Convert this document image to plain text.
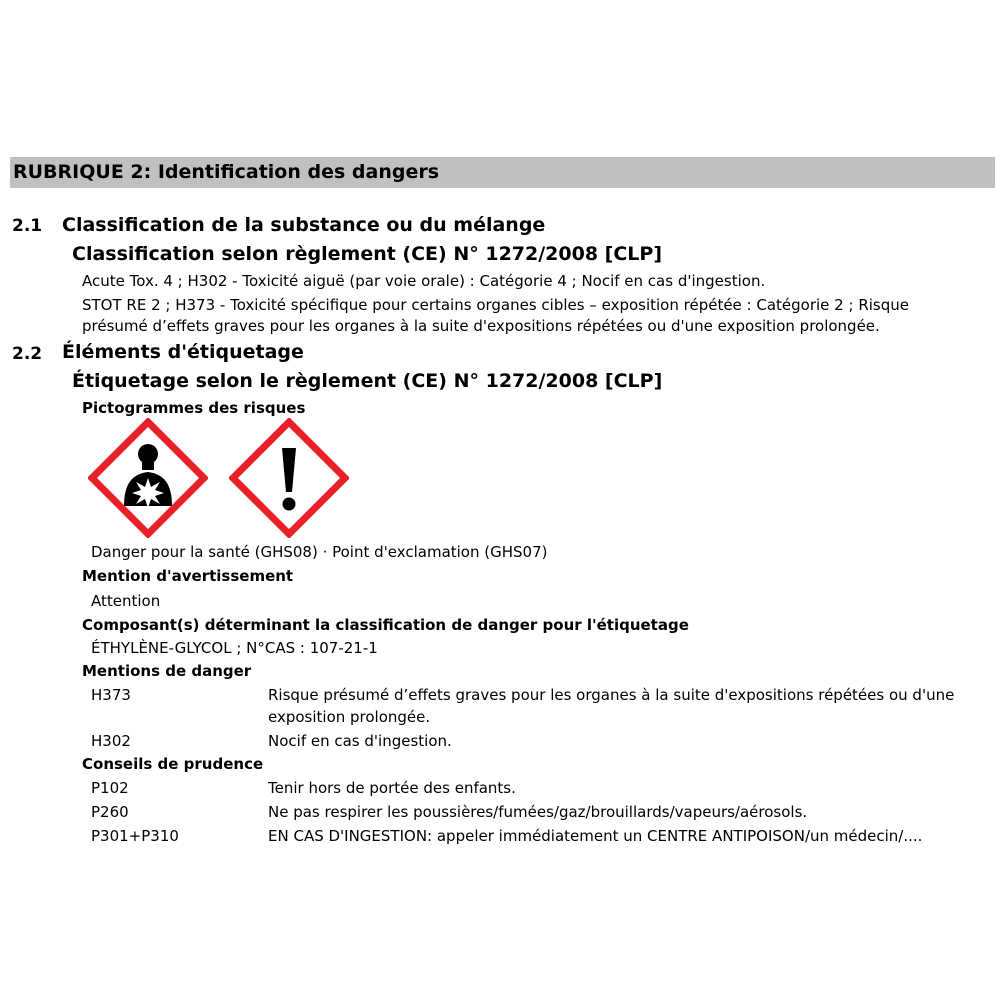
RUBRIQUE 2: Identification des dangers
2.1 Classification de la substance ou du mélange
Classification selon règlement (CE) N° 1272/2008 [CLP]
Acute Tox. 4 ; H302 - Toxicité aiguë (par voie orale) : Catégorie 4 ; Nocif en cas d'ingestion.
STOT RE 2 ; H373 - Toxicité spécifique pour certains organes cibles – exposition répétée : Catégorie 2 ; Risque
présumé d’effets graves pour les organes à la suite d'expositions répétées ou d'une exposition prolongée.
2.2 Éléments d'étiquetage
Étiquetage selon le règlement (CE) N° 1272/2008 [CLP]
Pictogrammes des risques
Danger pour la santé (GHS08) · Point d'exclamation (GHS07)
Mention d'avertissement
Attention
Composant(s) déterminant la classification de danger pour l'étiquetage
ÉTHYLÈNE-GLYCOL ; N°CAS : 107-21-1
Mentions de danger
H373	Risque présumé d’effets graves pour les organes à la suite d'expositions répétées ou d'une
exposition prolongée.
H302	Nocif en cas d'ingestion.
Conseils de prudence
P102	Tenir hors de portée des enfants.
P260	Ne pas respirer les poussières/fumées/gaz/brouillards/vapeurs/aérosols.
P301+P310	EN CAS D'INGESTION: appeler immédiatement un CENTRE ANTIPOISON/un médecin/....
